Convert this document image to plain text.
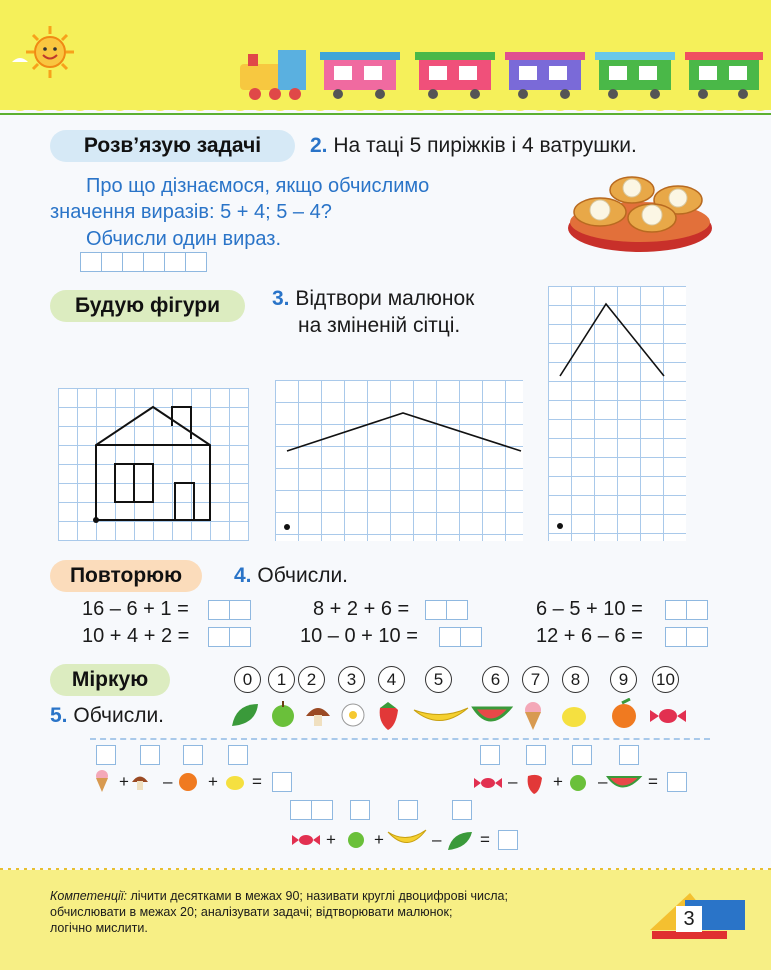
Розв’язую задачі	2. На таці 5 пиріжків і 4 ватрушки.
Про що дізнаємося, якщо обчислимо
значення виразів: 5 + 4; 5 – 4?
Обчисли один вираз.
Будую фігури	3. Відтвори малюнок
на зміненій сітці.
Повторюю	4. Обчисли.
16 – 6 + 1 =	8 + 2 + 6 =	6 – 5 + 10 =
10 + 4 + 2 =	10 – 0 + 10 =	12 + 6 – 6 =
Міркую	0	1	2	3	4	5	6	7	8	9	10
5. Обчисли.
+ – + =	– + – =
+ +	– =
Компетенції: лічити десятками в межах 90; називати круглі двоцифрові числа;
обчислювати в межах 20; аналізувати задачі; відтворювати малюнок;
логічно мислити.	3
